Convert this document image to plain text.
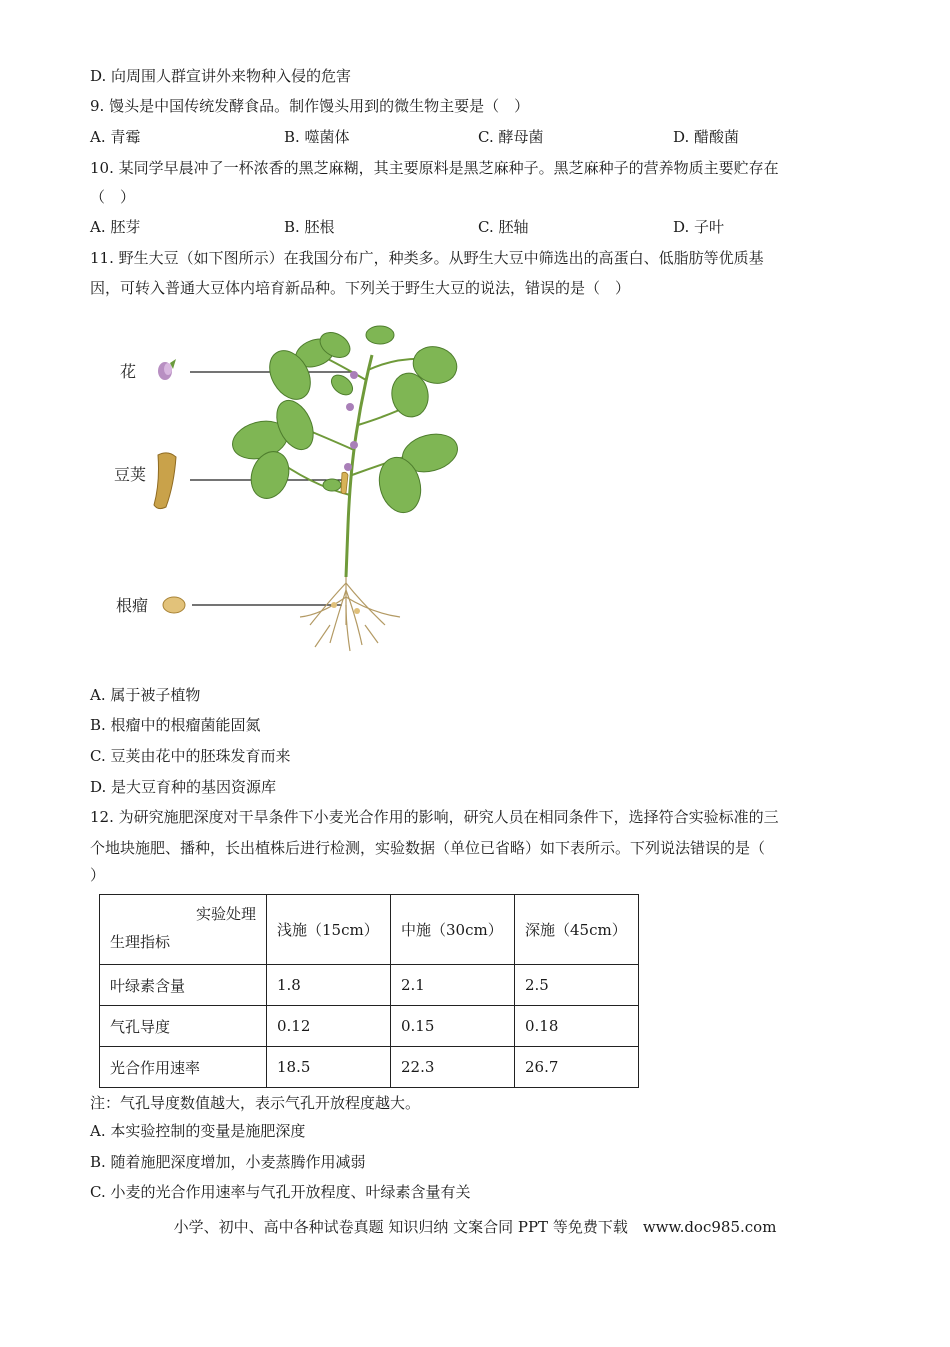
D. 向周围人群宣讲外来物种入侵的危害
9. 馒头是中国传统发酵食品。制作馒头用到的微生物主要是（　）
A. 青霉	B. 噬菌体	C. 酵母菌	D. 醋酸菌
10. 某同学早晨冲了一杯浓香的黑芝麻糊，其主要原料是黑芝麻种子。黑芝麻种子的营养物质主要贮存在
（　）
A. 胚芽	B. 胚根	C. 胚轴	D. 子叶
11. 野生大豆（如下图所示）在我国分布广，种类多。从野生大豆中筛选出的高蛋白、低脂肪等优质基
因，可转入普通大豆体内培育新品种。下列关于野生大豆的说法，错误的是（　）
花
豆荚
根瘤
A. 属于被子植物
B. 根瘤中的根瘤菌能固氮
C. 豆荚由花中的胚珠发育而来
D. 是大豆育种的基因资源库
12. 为研究施肥深度对干旱条件下小麦光合作用的影响，研究人员在相同条件下，选择符合实验标准的三
个地块施肥、播种，长出植株后进行检测，实验数据（单位已省略）如下表所示。下列说法错误的是（
）
实验处理
生理指标	浅施（15cm）	中施（30cm）	深施（45cm）
叶绿素含量	1.8	2.1	2.5
气孔导度	0.12	0.15	0.18
光合作用速率	18.5	22.3	26.7
注：气孔导度数值越大，表示气孔开放程度越大。
A. 本实验控制的变量是施肥深度
B. 随着施肥深度增加，小麦蒸腾作用减弱
C. 小麦的光合作用速率与气孔开放程度、叶绿素含量有关
小学、初中、高中各种试卷真题 知识归纳 文案合同 PPT 等免费下载　www.doc985.com
